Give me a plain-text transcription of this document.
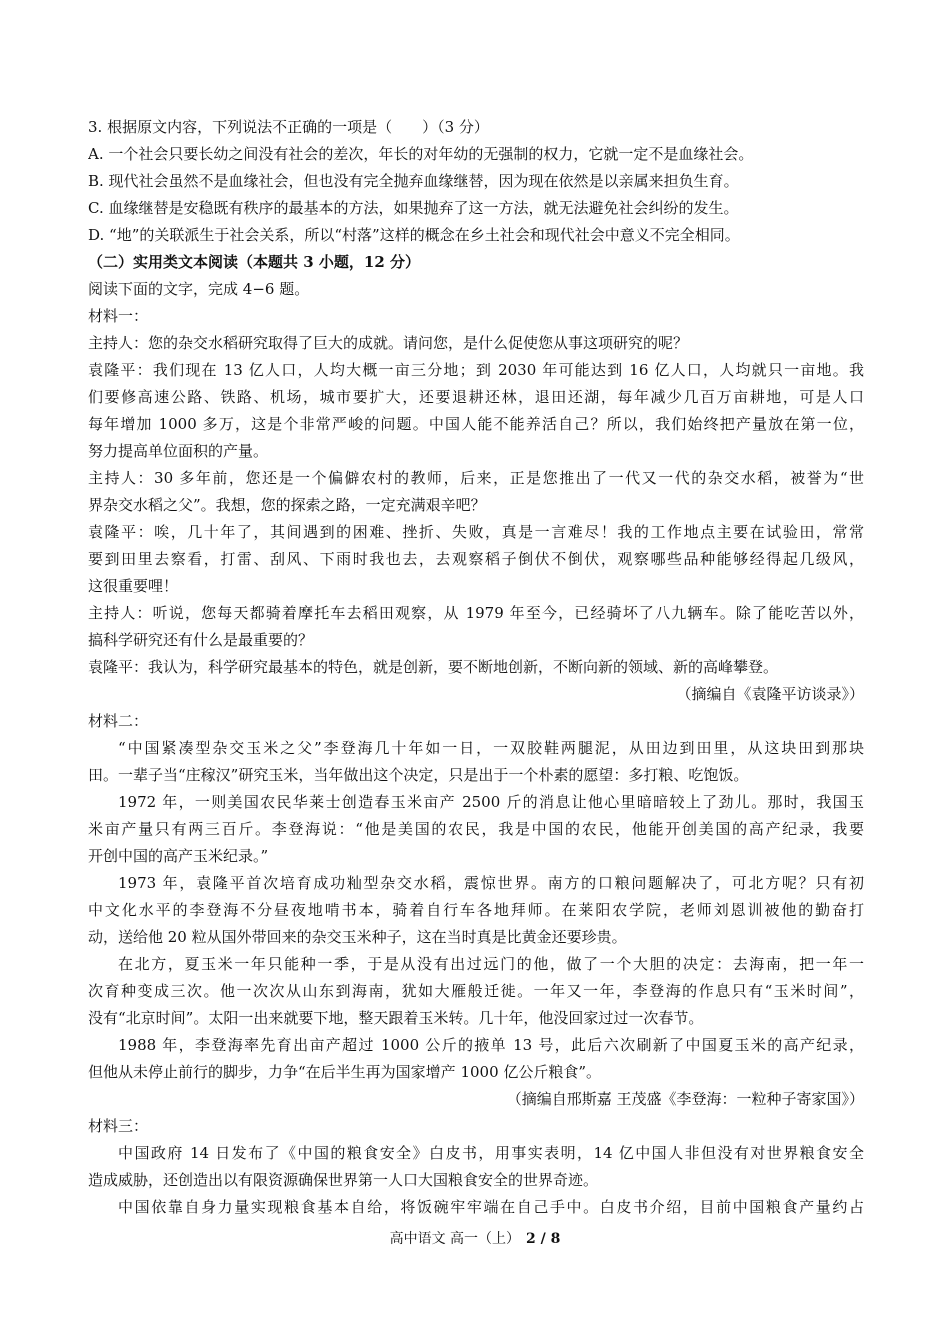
3. 根据原文内容，下列说法不正确的一项是（　　）（3 分）
A. 一个社会只要长幼之间没有社会的差次，年长的对年幼的无强制的权力，它就一定不是血缘社会。
B. 现代社会虽然不是血缘社会，但也没有完全抛弃血缘继替，因为现在依然是以亲属来担负生育。
C. 血缘继替是安稳既有秩序的最基本的方法，如果抛弃了这一方法，就无法避免社会纠纷的发生。
D. “地”的关联派生于社会关系，所以“村落”这样的概念在乡土社会和现代社会中意义不完全相同。
（二）实用类文本阅读（本题共 3 小题，12 分）
阅读下面的文字，完成 4−6 题。
材料一：
主持人：您的杂交水稻研究取得了巨大的成就。请问您，是什么促使您从事这项研究的呢？
袁隆平：我们现在 13 亿人口，人均大概一亩三分地；到 2030 年可能达到 16 亿人口，人均就只一亩地。我
们要修高速公路、铁路、机场，城市要扩大，还要退耕还林，退田还湖，每年减少几百万亩耕地，可是人口
每年增加 1000 多万，这是个非常严峻的问题。中国人能不能养活自己？所以，我们始终把产量放在第一位，
努力提高单位面积的产量。
主持人：30 多年前，您还是一个偏僻农村的教师，后来，正是您推出了一代又一代的杂交水稻，被誉为“世
界杂交水稻之父”。我想，您的探索之路，一定充满艰辛吧？
袁隆平：唉，几十年了，其间遇到的困难、挫折、失败，真是一言难尽！我的工作地点主要在试验田，常常
要到田里去察看，打雷、刮风、下雨时我也去，去观察稻子倒伏不倒伏，观察哪些品种能够经得起几级风，
这很重要哩！
主持人：听说，您每天都骑着摩托车去稻田观察，从 1979 年至今，已经骑坏了八九辆车。除了能吃苦以外，
搞科学研究还有什么是最重要的？
袁隆平：我认为，科学研究最基本的特色，就是创新，要不断地创新，不断向新的领域、新的高峰攀登。
（摘编自《袁隆平访谈录》）
材料二：
“中国紧凑型杂交玉米之父”李登海几十年如一日，一双胶鞋两腿泥，从田边到田里，从这块田到那块
田。一辈子当“庄稼汉”研究玉米，当年做出这个决定，只是出于一个朴素的愿望：多打粮、吃饱饭。
1972 年，一则美国农民华莱士创造春玉米亩产 2500 斤的消息让他心里暗暗较上了劲儿。那时，我国玉
米亩产量只有两三百斤。李登海说：“他是美国的农民，我是中国的农民，他能开创美国的高产纪录，我要
开创中国的高产玉米纪录。”
1973 年，袁隆平首次培育成功籼型杂交水稻，震惊世界。南方的口粮问题解决了，可北方呢？只有初
中文化水平的李登海不分昼夜地啃书本，骑着自行车各地拜师。在莱阳农学院，老师刘恩训被他的勤奋打
动，送给他 20 粒从国外带回来的杂交玉米种子，这在当时真是比黄金还要珍贵。
在北方，夏玉米一年只能种一季，于是从没有出过远门的他，做了一个大胆的决定：去海南，把一年一
次育种变成三次。他一次次从山东到海南，犹如大雁般迁徙。一年又一年，李登海的作息只有“玉米时间”，
没有“北京时间”。太阳一出来就要下地，整天跟着玉米转。几十年，他没回家过过一次春节。
1988 年，李登海率先育出亩产超过 1000 公斤的掖单 13 号，此后六次刷新了中国夏玉米的高产纪录，
但他从未停止前行的脚步，力争“在后半生再为国家增产 1000 亿公斤粮食”。
（摘编自邢斯嘉 王茂盛《李登海：一粒种子寄家国》）
材料三：
中国政府 14 日发布了《中国的粮食安全》白皮书，用事实表明，14 亿中国人非但没有对世界粮食安全
造成威胁，还创造出以有限资源确保世界第一人口大国粮食安全的世界奇迹。
中国依靠自身力量实现粮食基本自给，将饭碗牢牢端在自己手中。白皮书介绍，目前中国粮食产量约占
高中语文 高一（上） 2 / 8
